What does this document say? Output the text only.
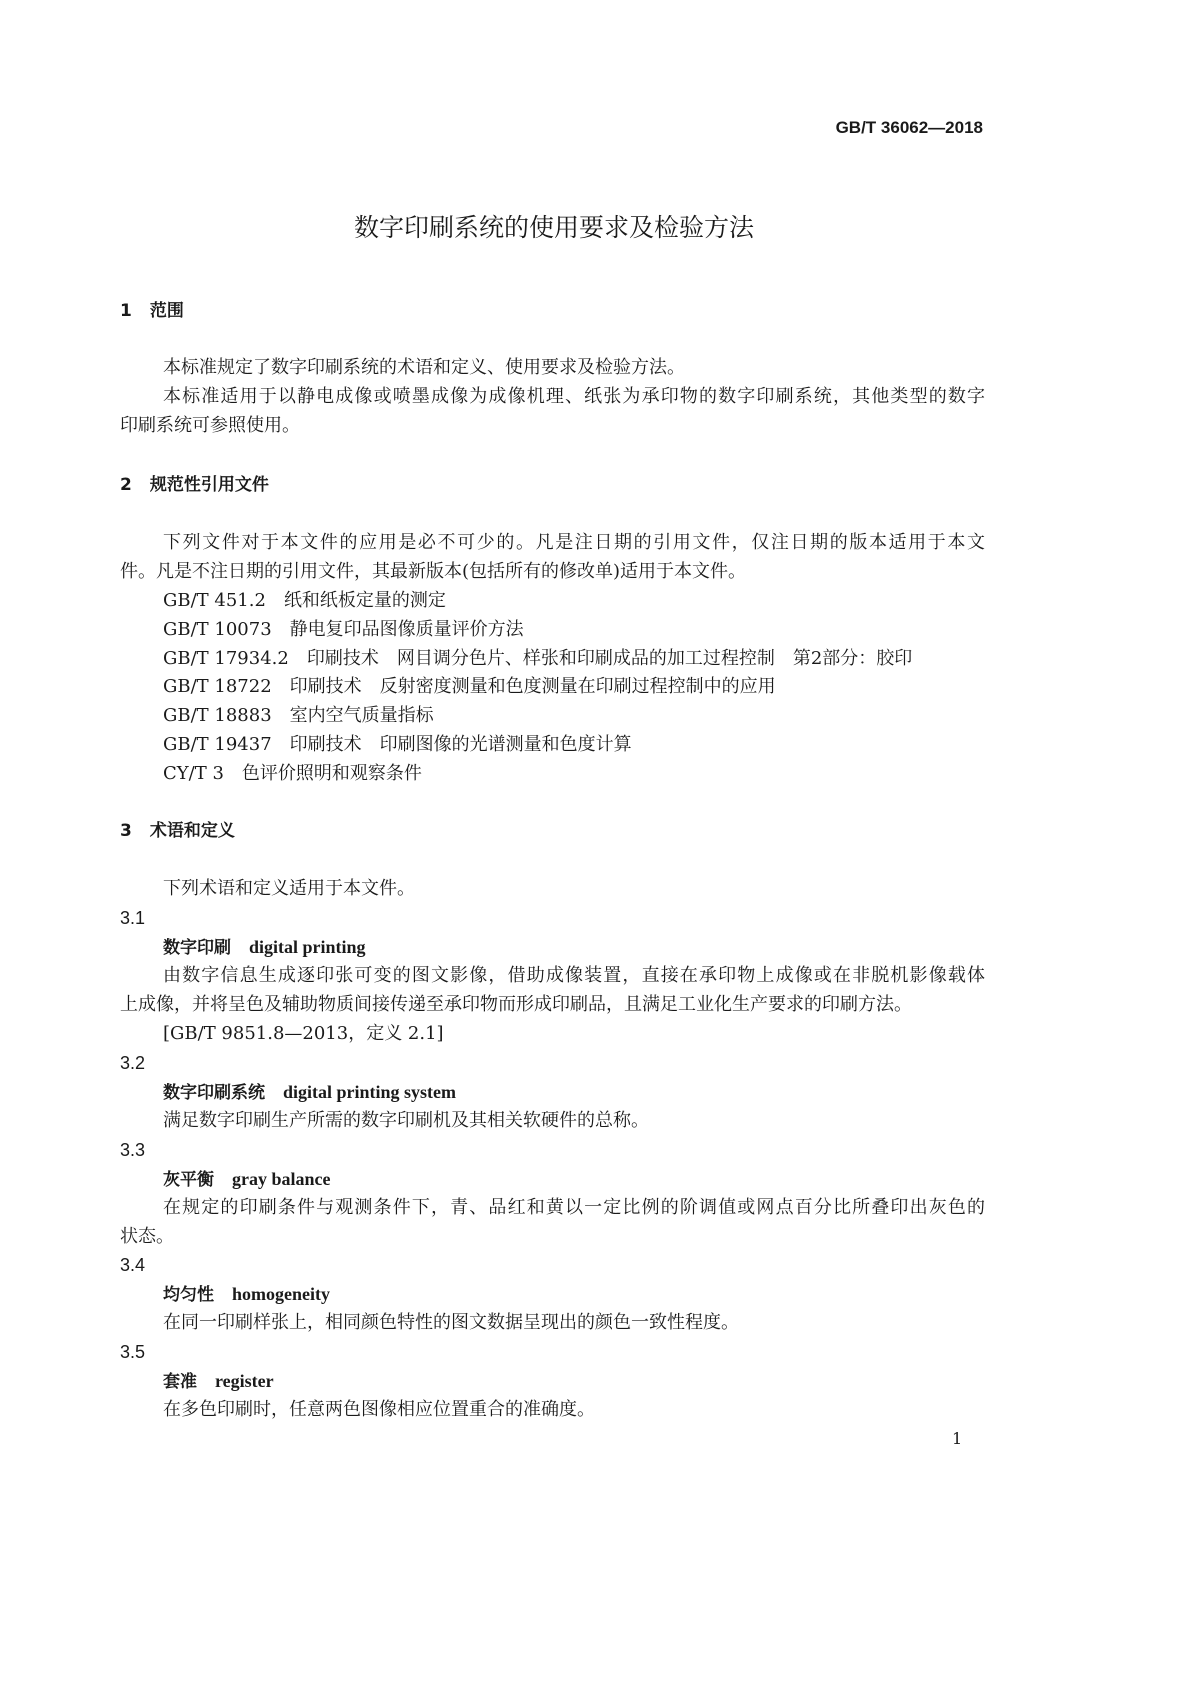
GB/T 36062—2018
数字印刷系统的使用要求及检验方法
1 范围
本标准规定了数字印刷系统的术语和定义、使用要求及检验方法。
本标准适用于以静电成像或喷墨成像为成像机理、纸张为承印物的数字印刷系统，其他类型的数字
印刷系统可参照使用。
2 规范性引用文件
下列文件对于本文件的应用是必不可少的。凡是注日期的引用文件，仅注日期的版本适用于本文
件。凡是不注日期的引用文件，其最新版本(包括所有的修改单)适用于本文件。
GB/T 451.2 纸和纸板定量的测定
GB/T 10073 静电复印品图像质量评价方法
GB/T 17934.2 印刷技术　网目调分色片、样张和印刷成品的加工过程控制　第2部分：胶印
GB/T 18722 印刷技术　反射密度测量和色度测量在印刷过程控制中的应用
GB/T 18883 室内空气质量指标
GB/T 19437 印刷技术　印刷图像的光谱测量和色度计算
CY/T 3 色评价照明和观察条件
3 术语和定义
下列术语和定义适用于本文件。
3.1
数字印刷 digital printing
由数字信息生成逐印张可变的图文影像，借助成像装置，直接在承印物上成像或在非脱机影像载体
上成像，并将呈色及辅助物质间接传递至承印物而形成印刷品，且满足工业化生产要求的印刷方法。
[GB/T 9851.8—2013，定义 2.1]
3.2
数字印刷系统 digital printing system
满足数字印刷生产所需的数字印刷机及其相关软硬件的总称。
3.3
灰平衡 gray balance
在规定的印刷条件与观测条件下，青、品红和黄以一定比例的阶调值或网点百分比所叠印出灰色的
状态。
3.4
均匀性 homogeneity
在同一印刷样张上，相同颜色特性的图文数据呈现出的颜色一致性程度。
3.5
套准 register
在多色印刷时，任意两色图像相应位置重合的准确度。
1
